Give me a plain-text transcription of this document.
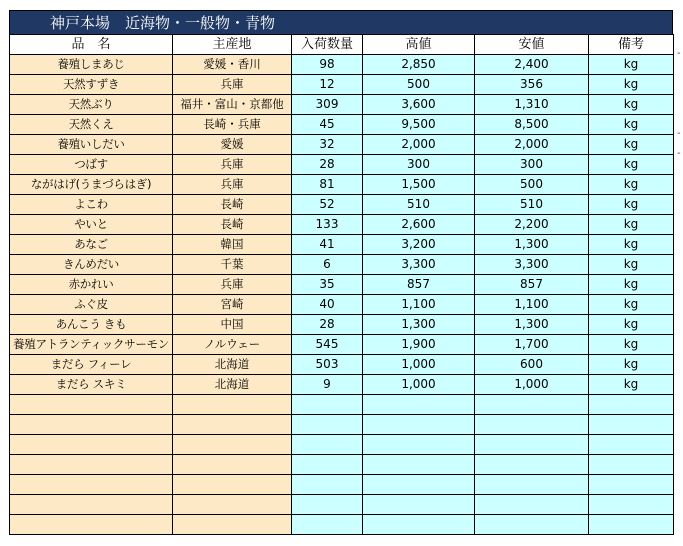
神戸本場　近海物・一般物・青物
品　名	主産地	入荷数量	高値	安値	備考
養殖しまあじ	愛媛・香川	98	2,850	2,400	kg
天然すずき	兵庫	12	500	356	kg
天然ぶり	福井・富山・京都他	309	3,600	1,310	kg
天然くえ	長崎・兵庫	45	9,500	8,500	kg
養殖いしだい	愛媛	32	2,000	2,000	kg
つばす	兵庫	28	300	300	kg
ながはげ(うまづらはぎ)	兵庫	81	1,500	500	kg
よこわ	長崎	52	510	510	kg
やいと	長崎	133	2,600	2,200	kg
あなご	韓国	41	3,200	1,300	kg
きんめだい	千葉	6	3,300	3,300	kg
赤かれい	兵庫	35	857	857	kg
ふぐ皮	宮崎	40	1,100	1,100	kg
あんこう きも	中国	28	1,300	1,300	kg
養殖アトランティックサーモン	ノルウェー	545	1,900	1,700	kg
まだら フィーレ	北海道	503	1,000	600	kg
まだら スキミ	北海道	9	1,000	1,000	kg

-
-
-
